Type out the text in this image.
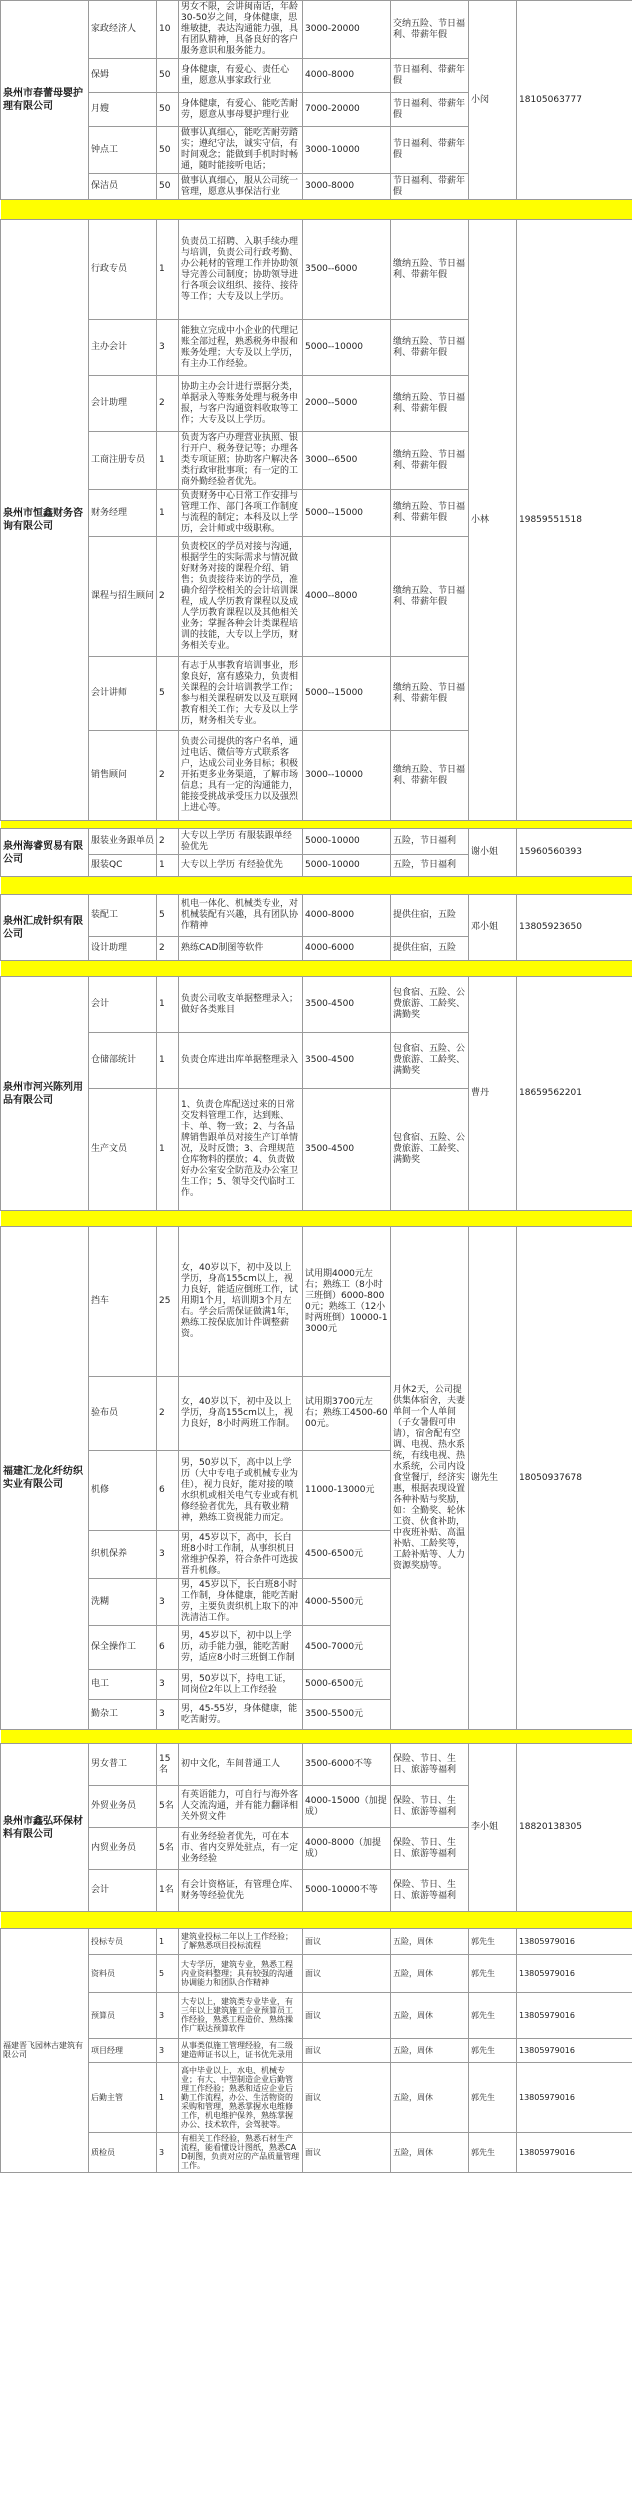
泉州市春蕾母婴护理有限公司	家政经济人	10	男女不限，会讲闽南话，年龄30-50岁之间，身体健康，思维敏捷，表达沟通能力强，具有团队精神，具备良好的客户服务意识和服务能力。	3000-20000	交纳五险、节日福利、带薪年假	小闵	18105063777
	保姆	50	身体健康，有爱心、责任心重，愿意从事家政行业	4000-8000	节日福利、带薪年假		
	月嫂	50	身体健康，有爱心、能吃苦耐劳，愿意从事母婴护理行业	7000-20000	节日福利、带薪年假		
	钟点工	50	做事认真细心，能吃苦耐劳踏实；遵纪守法，诚实守信，有时间观念；能做到手机时时畅通，随时能接听电话；	3000-10000	节日福利、带薪年假		
	保洁员	50	做事认真细心，服从公司统一管理，愿意从事保洁行业	3000-8000	节日福利、带薪年假		

泉州市恒鑫财务咨询有限公司	行政专员	1	负责员工招聘、入职手续办理与培训，负责公司行政考勤、办公耗材的管理工作并协助领导完善公司制度；协助领导进行各项会议组织、接待、接待等工作；大专及以上学历。	3500--6000	缴纳五险、节日福利、带薪年假	小林	19859551518
	主办会计	3	能独立完成中小企业的代理记账全部过程，熟悉税务申报和账务处理；大专及以上学历，有主办工作经验。	5000--10000	缴纳五险、节日福利、带薪年假		
	会计助理	2	协助主办会计进行票据分类，单据录入等账务处理与税务申报，与客户沟通资料收取等工作；大专及以上学历。	2000--5000	缴纳五险、节日福利、带薪年假		
	工商注册专员	1	负责为客户办理营业执照、银行开户、税务登记等；办理各类专项证照；协助客户解决各类行政审批事项；有一定的工商外勤经验者优先。	3000--6500	缴纳五险、节日福利、带薪年假		
	财务经理	1	负责财务中心日常工作安排与管理工作、部门各项工作制度与流程的制定；本科及以上学历，会计师或中级职称。	5000--15000	缴纳五险、节日福利、带薪年假		
	课程与招生顾问	2	负责校区的学员对接与沟通，根据学生的实际需求与情况做好财务对接的课程介绍、销售；负责接待来访的学员，准确介绍学校相关的会计培训课程，成人学历教育课程以及成人学历教育课程以及其他相关业务；掌握各种会计类课程培训的技能，大专以上学历，财务相关专业。	4000--8000	缴纳五险、节日福利、带薪年假		
	会计讲师	5	有志于从事教育培训事业，形象良好，富有感染力，负责相关课程的会计培训教学工作；参与相关课程研发以及互联网教育相关工作；大专及以上学历，财务相关专业。	5000--15000	缴纳五险、节日福利、带薪年假		
	销售顾问	2	负责公司提供的客户名单，通过电话、微信等方式联系客户，达成公司业务目标；积极开拓更多业务渠道，了解市场信息；具有一定的沟通能力，能接受挑战承受压力以及强烈上进心等。	3000--10000	缴纳五险、节日福利、带薪年假		

泉州海睿贸易有限公司	服装业务跟单员	2	大专以上学历 有服装跟单经验优先	5000-10000	五险，节日福利	谢小姐	15960560393
	服装QC	1	大专以上学历 有经验优先	5000-10000	五险，节日福利		

泉州汇成针织有限公司	装配工	5	机电一体化、机械类专业，对机械装配有兴趣，具有团队协作精神	4000-8000	提供住宿，五险	邓小姐	13805923650
	设计助理	2	熟练CAD制图等软件	4000-6000	提供住宿，五险		

泉州市河兴陈列用品有限公司	会计	1	负责公司收支单据整理录入；做好各类账目	3500-4500	包食宿、五险、公费旅游、工龄奖、满勤奖	曹丹	18659562201
	仓储部统计	1	负责仓库进出库单据整理录入	3500-4500	包食宿、五险、公费旅游、工龄奖、满勤奖		
	生产文员	1	1、负责仓库配送过来的日常交发料管理工作，达到账、卡、单、物一致；2、与各品牌销售跟单员对接生产订单情况，及时反馈；3、合理规范仓库物料的摆放；4、负责做好办公室安全防范及办公室卫生工作；5、领导交代临时工作。	3500-4500	包食宿、五险、公费旅游、工龄奖、满勤奖		

福建汇龙化纤纺织实业有限公司	挡车	25	女，40岁以下，初中及以上学历，身高155cm以上，视力良好，能适应倒班工作，试用期1个月，培训期3个月左右。学会后需保证做满1年，熟练工按保底加计件调整薪资。	试用期4000元左右；熟练工（8小时三班倒）6000-8000元；熟练工（12小时两班倒）10000-13000元	月休2天，公司提供集体宿舍，夫妻单间一个人单间（子女暑假可申请），宿舍配有空调、电视、热水系统，有线电视、热水系统，公司内设食堂餐厅，经济实惠，根据表现设置各种补贴与奖励，如：全勤奖、轮休工资、伙食补助，中夜班补贴、高温补贴、工龄奖等，工龄补贴等、人力资源奖励等。	谢先生	18050937678
	验布员	2	女，40岁以下，初中及以上学历，身高155cm以上，视力良好，8小时两班工作制。	试用期3700元左右；熟练工4500-6000元。			
	机修	6	男，50岁以下，高中以上学历（大中专电子或机械专业为佳），视力良好，能对接的喷水织机或相关电气专业或有机修经验者优先，具有敬业精神，熟练工资视能力而定。	11000-13000元			
	织机保养	3	男，45岁以下，高中，长白班8小时工作制，从事织机日常维护保养，符合条件可选拔晋升机修。	4500-6500元			
	洗糊	3	男，45岁以下，长白班8小时工作制，身体健康，能吃苦耐劳，主要负责织机上取下的冲洗清洁工作。	4000-5500元			
	保全操作工	6	男，45岁以下，初中以上学历，动手能力强，能吃苦耐劳，适应8小时三班倒工作制	4500-7000元			
	电工	3	男，50岁以下，持电工证，同岗位2年以上工作经验	5000-6500元			
	勤杂工	3	男，45-55岁，身体健康，能吃苦耐劳。	3500-5500元			

泉州市鑫弘环保材料有限公司	男女普工	15名	初中文化，车间普通工人	3500-6000不等	保险、节日、生日、旅游等福利	李小姐	18820138305
	外贸业务员	5名	有英语能力，可自行与海外客人交流沟通，并有能力翻译相关外贸文件	4000-15000（加提成）	保险、节日、生日、旅游等福利		
	内贸业务员	5名	有业务经验者优先，可在本市、省内交界处驻点，有一定业务经验	4000-8000（加提成）	保险、节日、生日、旅游等福利		
	会计	1名	有会计资格证，有管理仓库、财务等经验优先	5000-10000不等	保险、节日、生日、旅游等福利		

福建晋飞园林古建筑有限公司	投标专员	1	建筑业投标二年以上工作经验；了解熟悉项目投标流程	面议	五险，周休	郭先生	13805979016
	资料员	5	大专学历，建筑专业，熟悉工程内业资料整理；具有较强的沟通协调能力和团队合作精神	面议	五险，周休	郭先生	13805979016
	预算员	3	大专以上，建筑类专业毕业，有三年以上建筑施工企业预算员工作经验，熟悉工程造价、熟练操作广联达预算软件	面议	五险，周休	郭先生	13805979016
	项目经理	3	从事类似施工管理经验，有二级建造师证书以上，证书优先录用	面议	五险，周休	郭先生	13805979016
	后勤主管	1	高中毕业以上，水电、机械专业；有大、中型制造企业后勤管理工作经验；熟悉和适应企业后勤工作流程，办公、生活物资的采购和管理，熟悉掌握水电维修工作，机电维护保养，熟练掌握办公、技术软件，会驾驶等。	面议	五险，周休	郭先生	13805979016
	质检员	3	有相关工作经验，熟悉石材生产流程，能看懂设计图纸，熟悉CAD制图，负责对应的产品质量管理工作。	面议	五险，周休	郭先生	13805979016
